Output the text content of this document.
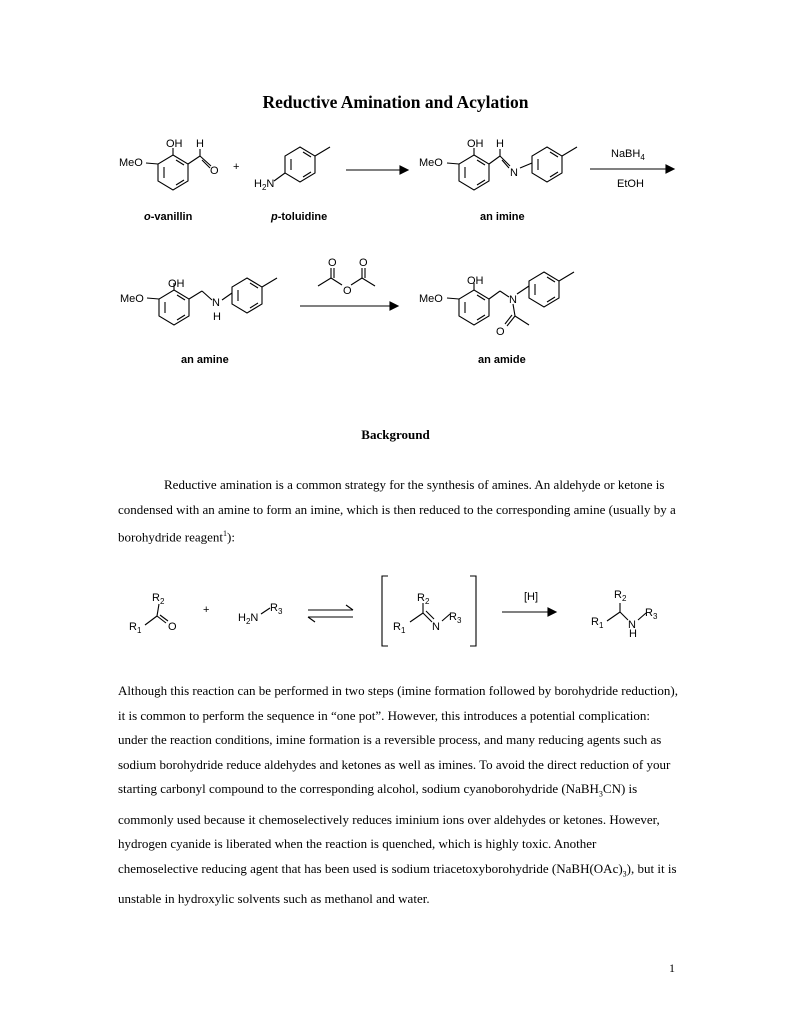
Reductive Amination and Acylation
OH H
MeO
O +
$H_2N$
OH H
MeO
N
NaBH$_4$
EtOH
o-vanillin	p-toluidine	an imine
OH
MeO	N
H
O O
O
OH
MeO	N
O
an amine	an amide
Background

Reductive amination is a common strategy for the synthesis of amines. An aldehyde or ketone is condensed with an amine to form an imine, which is then reduced to the corresponding amine (usually by a borohydride reagent$^1$):

$R_2$
$R_1$ O
+
$H_2N$
$R_3$
$R_2$
$R_1$ N
$R_3$
[H]	$R_2$
$R_1$ N
H
$R_3$

Although this reaction can be performed in two steps (imine formation followed by borohydride reduction), it is common to perform the sequence in “one pot”. However, this introduces a potential complication: under the reaction conditions, imine formation is a reversible process, and many reducing agents such as sodium borohydride reduce aldehydes and ketones as well as imines. To avoid the direct reduction of your starting carbonyl compound to the corresponding alcohol, sodium cyanoborohydride (NaBH$_3$CN) is commonly used because it chemoselectively reduces iminium ions over aldehydes or ketones. However, hydrogen cyanide is liberated when the reaction is quenched, which is highly toxic. Another chemoselective reducing agent that has been used is sodium triacetoxyborohydride $(NaBH(OAc)_3)$, but it is unstable in hydroxylic solvents such as methanol and water.

1
